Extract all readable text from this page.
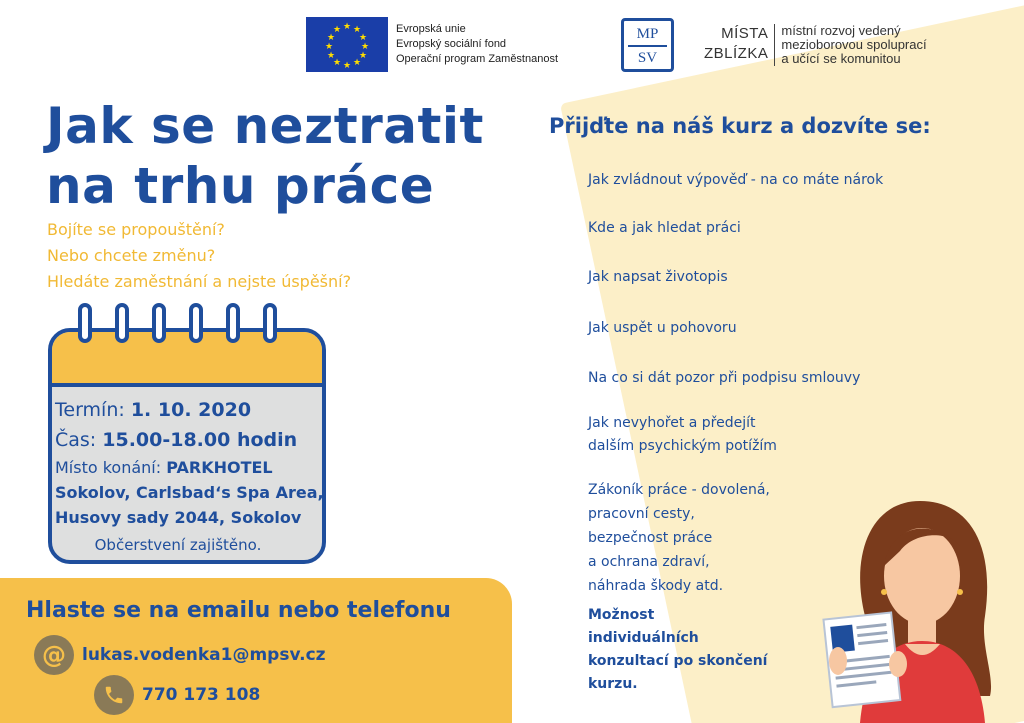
★ ★
★
★
★
★
★
★
★
★
★
★	Evropská unie
Evropský sociální fond
Operační program Zaměstnanost
MP
SV
MÍSTA
ZBLÍZKA
místní rozvoj vedený
mezioborovou spoluprací
a učící se komunitou
Jak se neztratit
na trhu práce
Bojíte se propouštění?
Nebo chcete změnu?
Hledáte zaměstnání a nejste úspěšní?
Termín: 1. 10. 2020
Čas: 15.00-18.00 hodin
Místo konání: PARKHOTEL
Sokolov, Carlsbad‘s Spa Area,
Husovy sady 2044, Sokolov
Občerstvení zajištěno.
Hlaste se na emailu nebo telefonu
@ lukas.vodenka1@mpsv.cz
770 173 108
Přijďte na náš kurz a dozvíte se:
✓	Jak zvládnout výpověď - na co máte nárok
✓	Kde a jak hledat práci
✓	Jak napsat životopis
✓	Jak uspět u pohovoru
✓	Na co si dát pozor při podpisu smlouvy
✓	Jak nevyhořet a předejít
dalším psychickým potížím
✓
Zákoník práce - dovolená,
pracovní cesty,
bezpečnost práce
a ochrana zdraví,
náhrada škody atd.
✓
Možnost
individuálních
konzultací po skončení
kurzu.
